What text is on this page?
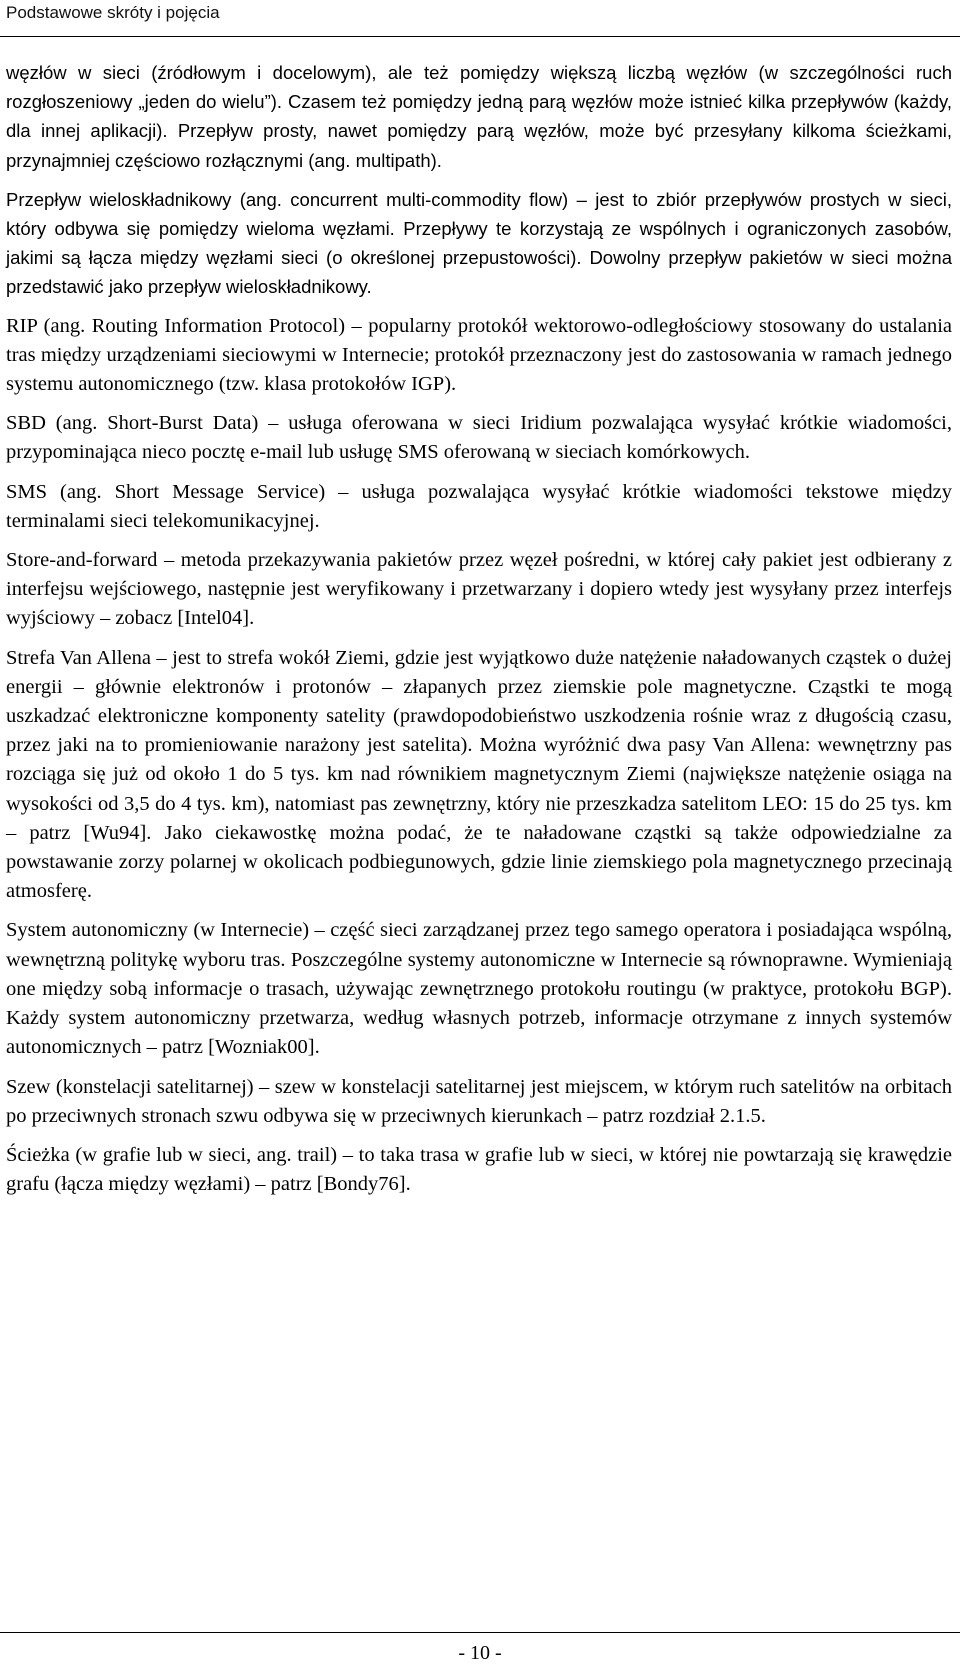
Podstawowe skróty i pojęcia

węzłów w sieci (źródłowym i docelowym), ale też pomiędzy większą liczbą węzłów (w szczególności ruch rozgłoszeniowy „jeden do wielu”). Czasem też pomiędzy jedną parą węzłów może istnieć kilka przepływów (każdy, dla innej aplikacji). Przepływ prosty, nawet pomiędzy parą węzłów, może być przesyłany kilkoma ścieżkami, przynajmniej częściowo rozłącznymi (ang. multipath).

Przepływ wieloskładnikowy (ang. concurrent multi-commodity flow) – jest to zbiór przepływów prostych w sieci, który odbywa się pomiędzy wieloma węzłami. Przepływy te korzystają ze wspólnych i ograniczonych zasobów, jakimi są łącza między węzłami sieci (o określonej przepustowości). Dowolny przepływ pakietów w sieci można przedstawić jako przepływ wieloskładnikowy.

RIP (ang. Routing Information Protocol) – popularny protokół wektorowo-odległościowy stosowany do ustalania tras między urządzeniami sieciowymi w Internecie; protokół przeznaczony jest do zastosowania w ramach jednego systemu autonomicznego (tzw. klasa protokołów IGP).

SBD (ang. Short-Burst Data) – usługa oferowana w sieci Iridium pozwalająca wysyłać krótkie wiadomości, przypominająca nieco pocztę e-mail lub usługę SMS oferowaną w sieciach komórkowych.

SMS (ang. Short Message Service) – usługa pozwalająca wysyłać krótkie wiadomości tekstowe między terminalami sieci telekomunikacyjnej.

Store-and-forward – metoda przekazywania pakietów przez węzeł pośredni, w której cały pakiet jest odbierany z interfejsu wejściowego, następnie jest weryfikowany i przetwarzany i dopiero wtedy jest wysyłany przez interfejs wyjściowy – zobacz [Intel04].

Strefa Van Allena – jest to strefa wokół Ziemi, gdzie jest wyjątkowo duże natężenie naładowanych cząstek o dużej energii – głównie elektronów i protonów – złapanych przez ziemskie pole magnetyczne. Cząstki te mogą uszkadzać elektroniczne komponenty satelity (prawdopodobieństwo uszkodzenia rośnie wraz z długością czasu, przez jaki na to promieniowanie narażony jest satelita). Można wyróżnić dwa pasy Van Allena: wewnętrzny pas rozciąga się już od około 1 do 5 tys. km nad równikiem magnetycznym Ziemi (największe natężenie osiąga na wysokości od 3,5 do 4 tys. km), natomiast pas zewnętrzny, który nie przeszkadza satelitom LEO: 15 do 25 tys. km – patrz [Wu94]. Jako ciekawostkę można podać, że te naładowane cząstki są także odpowiedzialne za powstawanie zorzy polarnej w okolicach podbiegunowych, gdzie linie ziemskiego pola magnetycznego przecinają atmosferę.

System autonomiczny (w Internecie) – część sieci zarządzanej przez tego samego operatora i posiadająca wspólną, wewnętrzną politykę wyboru tras. Poszczególne systemy autonomiczne w Internecie są równoprawne. Wymieniają one między sobą informacje o trasach, używając zewnętrznego protokołu routingu (w praktyce, protokołu BGP). Każdy system autonomiczny przetwarza, według własnych potrzeb, informacje otrzymane z innych systemów autonomicznych – patrz [Wozniak00].

Szew (konstelacji satelitarnej) – szew w konstelacji satelitarnej jest miejscem, w którym ruch satelitów na orbitach po przeciwnych stronach szwu odbywa się w przeciwnych kierunkach – patrz rozdział 2.1.5.

Ścieżka (w grafie lub w sieci, ang. trail) – to taka trasa w grafie lub w sieci, w której nie powtarzają się krawędzie grafu (łącza między węzłami) – patrz [Bondy76].

- 10 -
